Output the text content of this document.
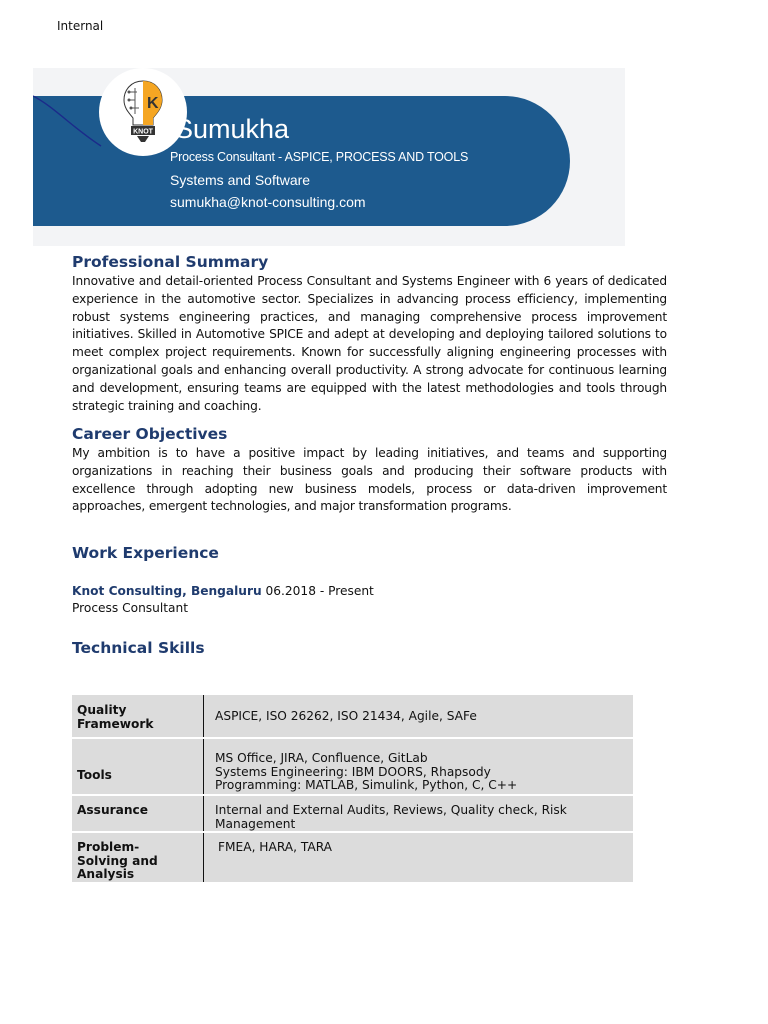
Internal
K
KNOT Sumukha
Process Consultant - ASPICE, PROCESS AND TOOLS
Systems and Software
sumukha@knot-consulting.com
Professional Summary
Innovative and detail-oriented Process Consultant and Systems Engineer with 6 years of dedicated experience in the automotive sector. Specializes in advancing process efficiency, implementing robust systems engineering practices, and managing comprehensive process improvement initiatives. Skilled in Automotive SPICE and adept at developing and deploying tailored solutions to meet complex project requirements. Known for successfully aligning engineering processes with organizational goals and enhancing overall productivity. A strong advocate for continuous learning and development, ensuring teams are equipped with the latest methodologies and tools through strategic training and coaching.
Career Objectives
My ambition is to have a positive impact by leading initiatives, and teams and supporting organizations in reaching their business goals and producing their software products with excellence through adopting new business models, process or data-driven improvement approaches, emergent technologies, and major transformation programs.
Work Experience
Knot Consulting, Bengaluru 06.2018 - Present
Process Consultant
Technical Skills
Quality Framework	ASPICE, ISO 26262, ISO 21434, Agile, SAFe

Tools	MS Office, JIRA, Confluence, GitLab
Systems Engineering: IBM DOORS, Rhapsody
Programming: MATLAB, Simulink, Python, C, C++

Assurance	Internal and External Audits, Reviews, Quality check, Risk Management

Problem-Solving and Analysis	FMEA, HARA, TARA
